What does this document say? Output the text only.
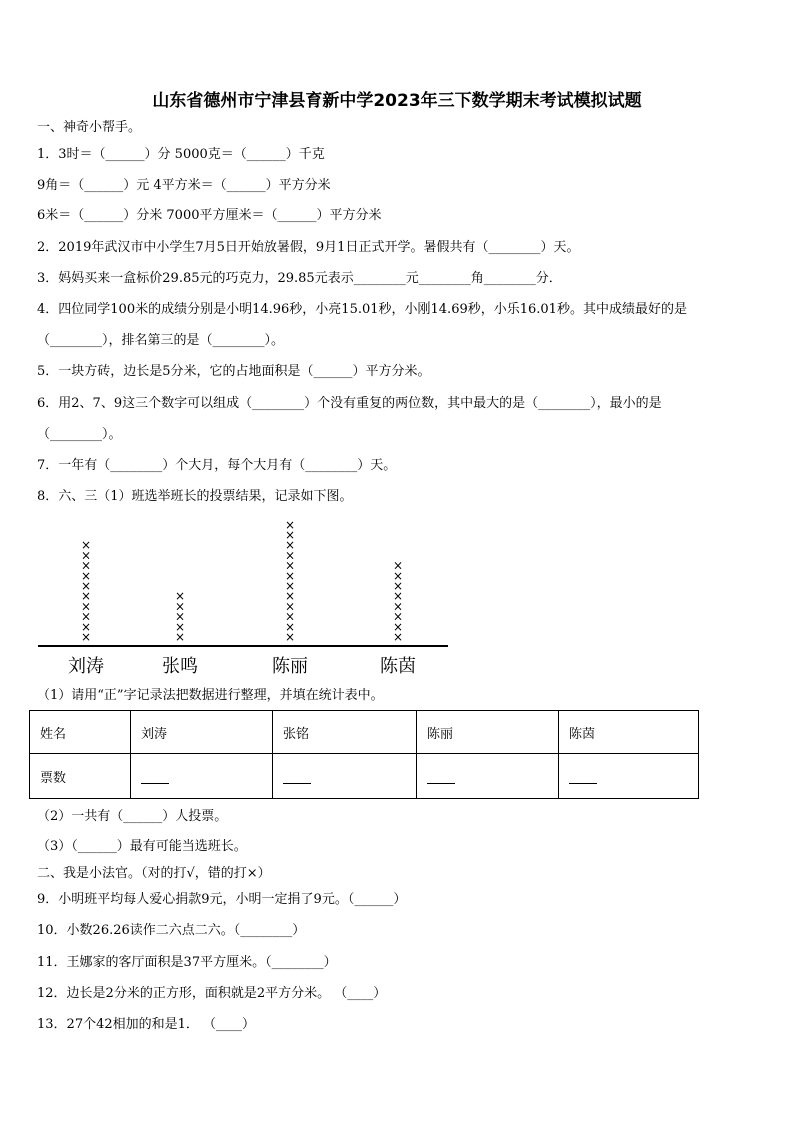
山东省德州市宁津县育新中学2023年三下数学期末考试模拟试题
一、神奇小帮手。
1．3时＝（______）分 5000克＝（______）千克
9角＝（______）元 4平方米＝（______）平方分米
6米＝（______）分米 7000平方厘米＝（______）平方分米
2．2019年武汉市中小学生7月5日开始放暑假，9月1日正式开学。暑假共有（________）天。
3．妈妈买来一盒标价29.85元的巧克力，29.85元表示________元________角________分．
4．四位同学100米的成绩分别是小明14.96秒，小亮15.01秒，小刚14.69秒，小乐16.01秒。其中成绩最好的是
（________），排名第三的是（________）。
5．一块方砖，边长是5分米，它的占地面积是（______）平方分米。
6．用2、7、9这三个数字可以组成（________）个没有重复的两位数，其中最大的是（________），最小的是
（________）。
7．一年有（________）个大月，每个大月有（________）天。
8．六、三（1）班选举班长的投票结果，记录如下图。
×
×
×
×
×
×
×
×
×
×
刘涛
×
×
×
×
×
张鸣
×
×
×
×
×
×
×
×
×
×
×
×
陈丽
×
×
×
×
×
×
×
×
陈茵
（1）请用“正”字记录法把数据进行整理，并填在统计表中。
姓名	刘涛	张铭	陈丽	陈茵
票数				
（2）一共有（______）人投票。
（3）（______）最有可能当选班长。
二、我是小法官。（对的打√，错的打×）
9．小明班平均每人爱心捐款9元，小明一定捐了9元。（______）
10．小数26.26读作二六点二六。（________）
11．王娜家的客厅面积是37平方厘米。（________）
12．边长是2分米的正方形，面积就是2平方分米。 （____）
13．27个42相加的和是1． （____）
